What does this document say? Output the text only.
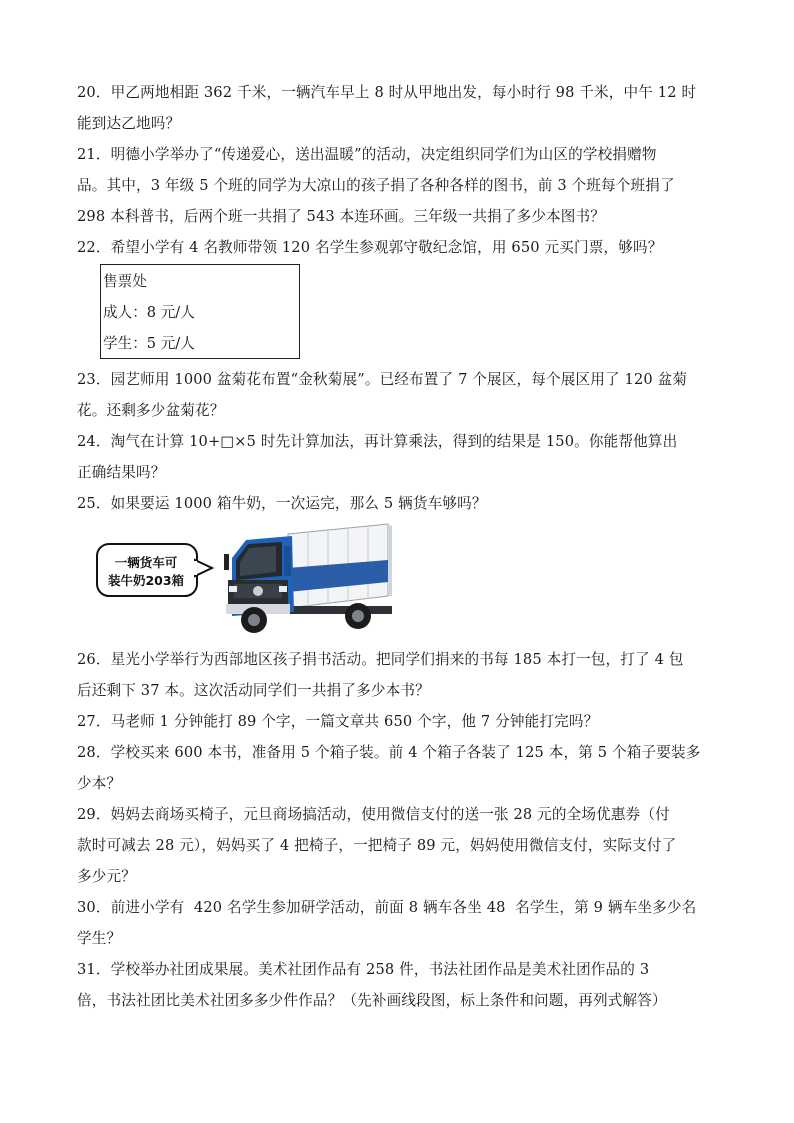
20．甲乙两地相距 362 千米，一辆汽车早上 8 时从甲地出发，每小时行 98 千米，中午 12 时
能到达乙地吗？

21．明德小学举办了“传递爱心，送出温暖”的活动，决定组织同学们为山区的学校捐赠物
品。其中，3 年级 5 个班的同学为大凉山的孩子捐了各种各样的图书，前 3 个班每个班捐了
298 本科普书，后两个班一共捐了 543 本连环画。三年级一共捐了多少本图书？

22．希望小学有 4 名教师带领 120 名学生参观郭守敬纪念馆，用 650 元买门票，够吗？

售票处
成人：8 元/人
学生：5 元/人

23．园艺师用 1000 盆菊花布置“金秋菊展”。已经布置了 7 个展区，每个展区用了 120 盆菊
花。还剩多少盆菊花？

24．淘气在计算 10+□×5 时先计算加法，再计算乘法，得到的结果是 150。你能帮他算出
正确结果吗？

25．如果要运 1000 箱牛奶，一次运完，那么 5 辆货车够吗？

一辆货车可
装牛奶203箱

26．星光小学举行为西部地区孩子捐书活动。把同学们捐来的书每 185 本打一包，打了 4 包
后还剩下 37 本。这次活动同学们一共捐了多少本书？

27．马老师 1 分钟能打 89 个字，一篇文章共 650 个字，他 7 分钟能打完吗？

28．学校买来 600 本书，准备用 5 个箱子装。前 4 个箱子各装了 125 本，第 5 个箱子要装多
少本？

29．妈妈去商场买椅子，元旦商场搞活动，使用微信支付的送一张 28 元的全场优惠券（付
款时可减去 28 元），妈妈买了 4 把椅子，一把椅子 89 元，妈妈使用微信支付，实际支付了
多少元？

30．前进小学有  420 名学生参加研学活动，前面 8 辆车各坐 48  名学生，第 9 辆车坐多少名
学生？

31．学校举办社团成果展。美术社团作品有 258 件，书法社团作品是美术社团作品的 3
倍，书法社团比美术社团多多少件作品？（先补画线段图，标上条件和问题，再列式解答）
